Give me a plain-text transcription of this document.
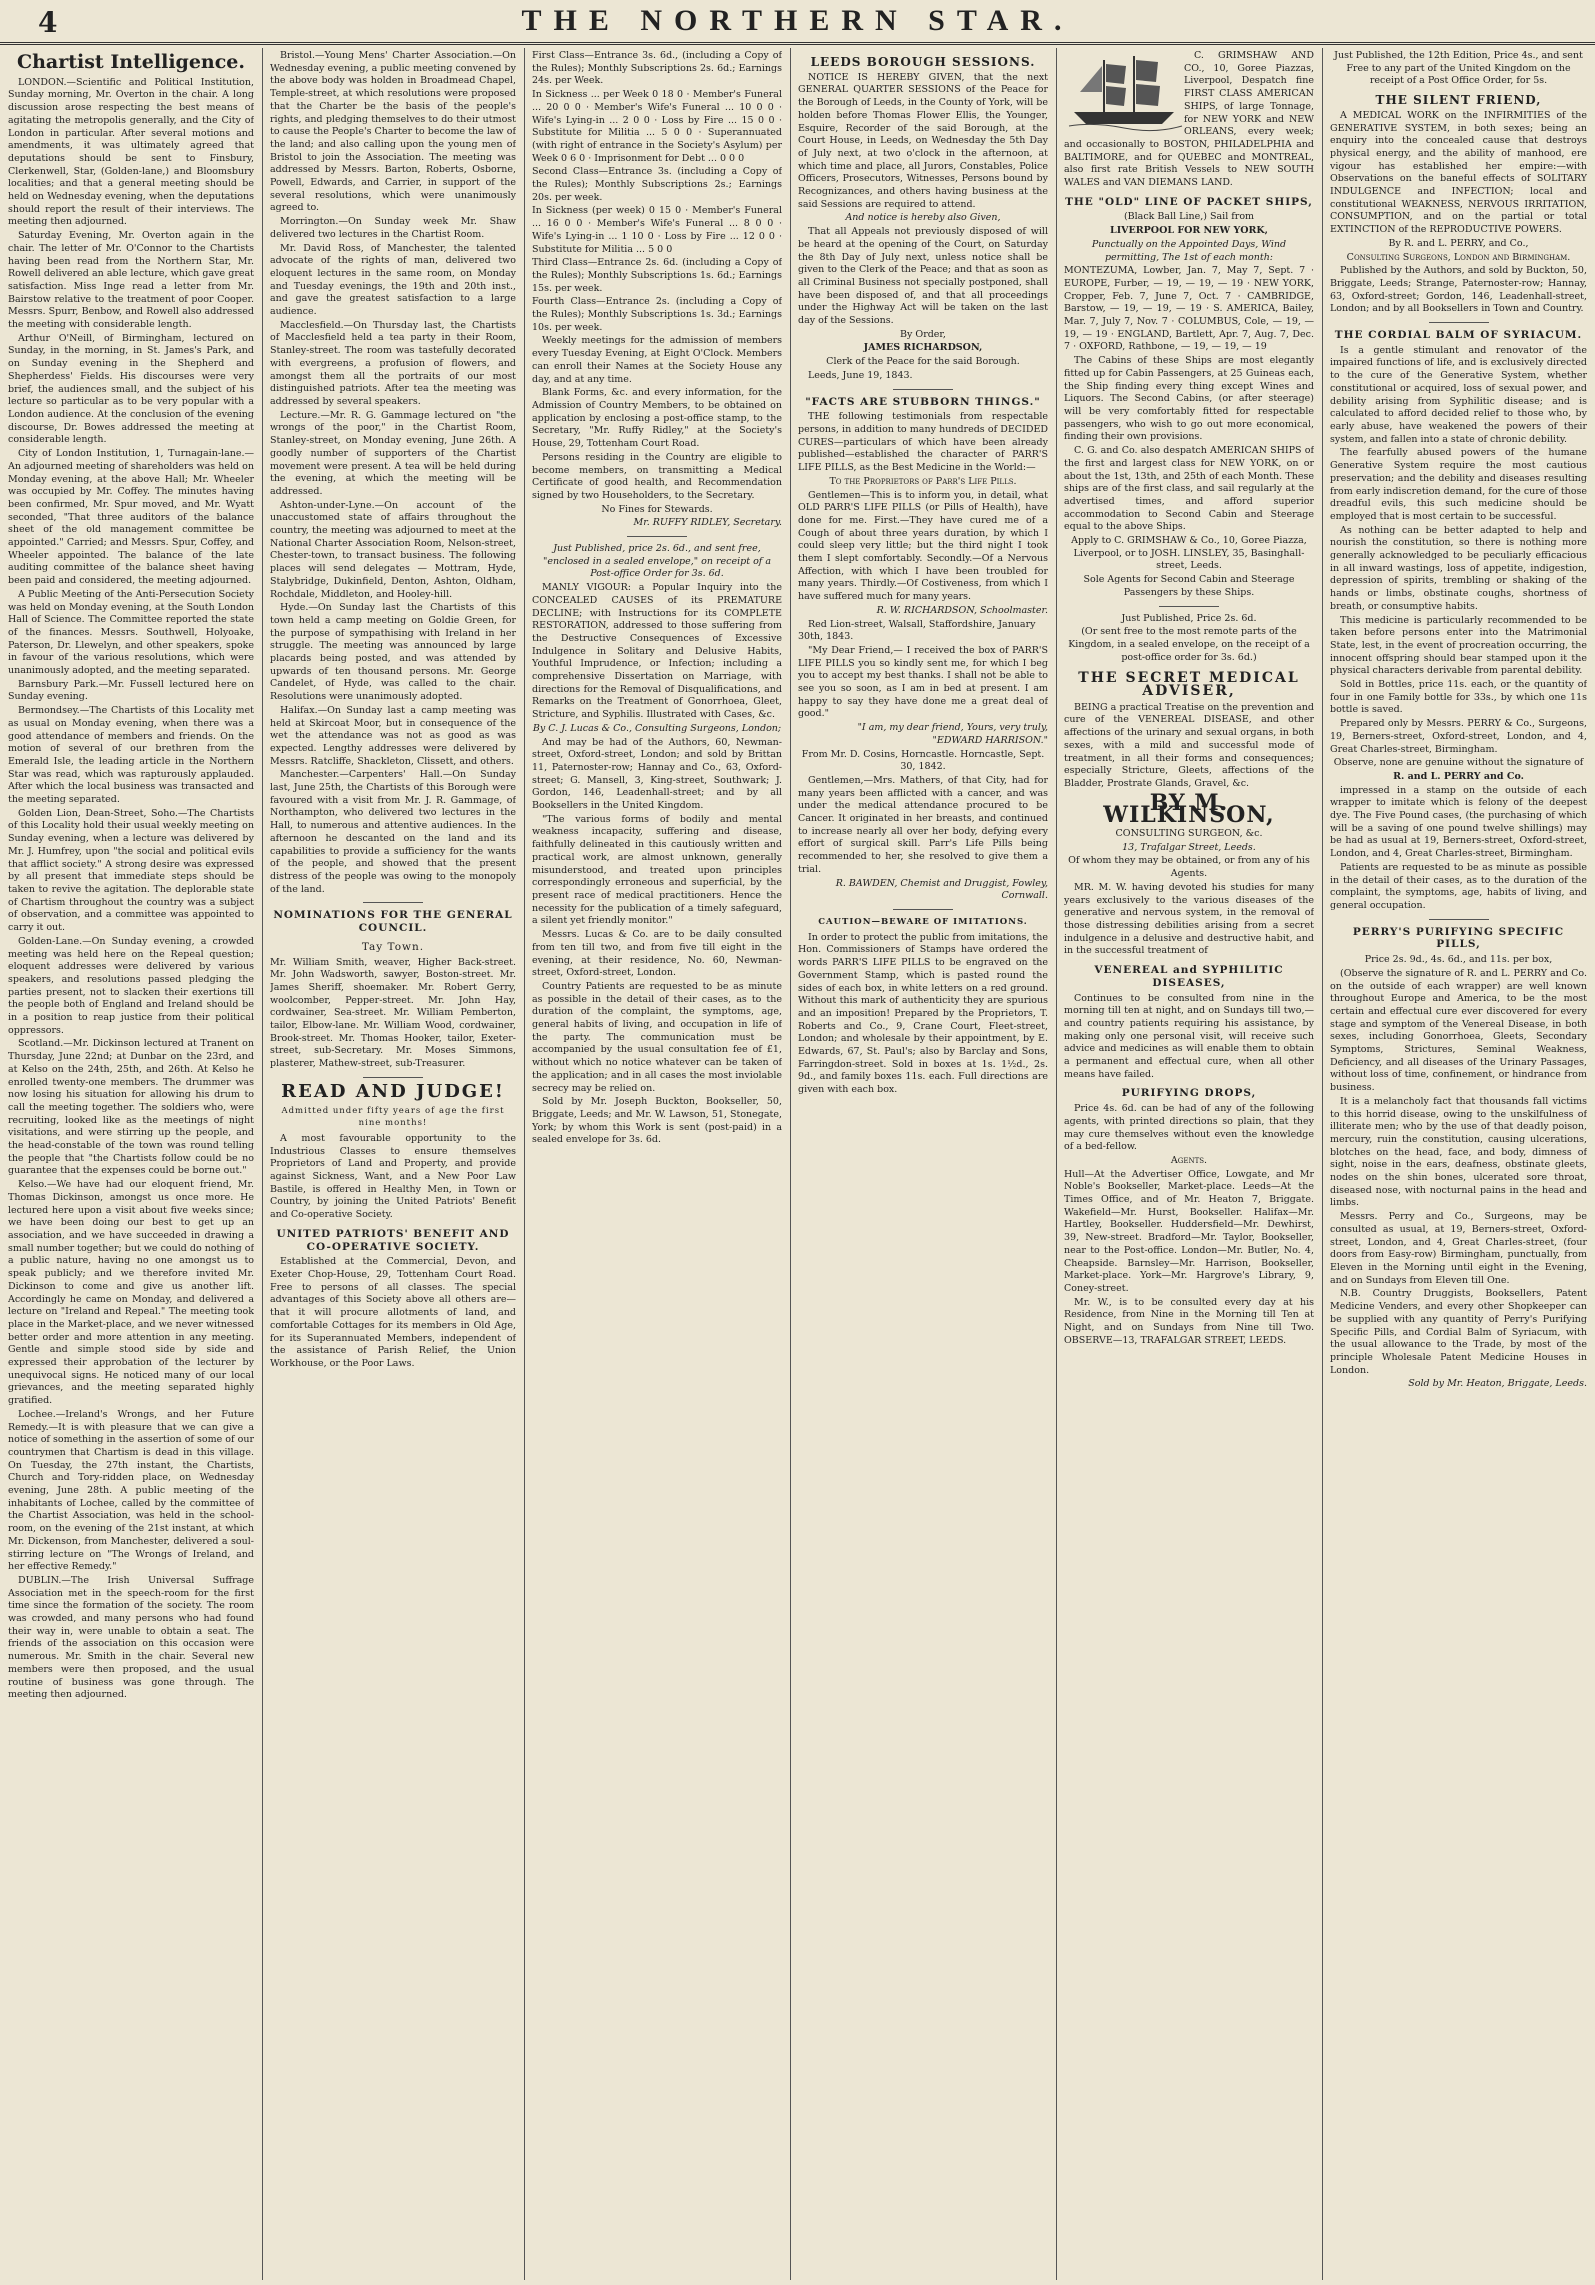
4	THE NORTHERN STAR.
Chartist Intelligence.

LONDON.—Scientific and Political Institution, Sunday morning, Mr. Overton in the chair. A long discussion arose respecting the best means of agitating the metropolis generally, and the City of London in particular. After several motions and amendments, it was ultimately agreed that deputations should be sent to Finsbury, Clerkenwell, Star, (Golden-lane,) and Bloomsbury localities; and that a general meeting should be held on Wednesday evening, when the deputations should report the result of their interviews. The meeting then adjourned.

Saturday Evening, Mr. Overton again in the chair. The letter of Mr. O'Connor to the Chartists having been read from the Northern Star, Mr. Rowell delivered an able lecture, which gave great satisfaction. Miss Inge read a letter from Mr. Bairstow relative to the treatment of poor Cooper. Messrs. Spurr, Benbow, and Rowell also addressed the meeting with considerable length.

Arthur O'Neill, of Birmingham, lectured on Sunday, in the morning, in St. James's Park, and on Sunday evening in the Shepherd and Shepherdess' Fields. His discourses were very brief, the audiences small, and the subject of his lecture so particular as to be very popular with a London audience. At the conclusion of the evening discourse, Dr. Bowes addressed the meeting at considerable length.

City of London Institution, 1, Turnagain-lane.—An adjourned meeting of shareholders was held on Monday evening, at the above Hall; Mr. Wheeler was occupied by Mr. Coffey. The minutes having been confirmed, Mr. Spur moved, and Mr. Wyatt seconded, "That three auditors of the balance sheet of the old management committee be appointed." Carried; and Messrs. Spur, Coffey, and Wheeler appointed. The balance of the late auditing committee of the balance sheet having been paid and considered, the meeting adjourned.

A Public Meeting of the Anti-Persecution Society was held on Monday evening, at the South London Hall of Science. The Committee reported the state of the finances. Messrs. Southwell, Holyoake, Paterson, Dr. Llewelyn, and other speakers, spoke in favour of the various resolutions, which were unanimously adopted, and the meeting separated.

Barnsbury Park.—Mr. Fussell lectured here on Sunday evening.

Bermondsey.—The Chartists of this Locality met as usual on Monday evening, when there was a good attendance of members and friends. On the motion of several of our brethren from the Emerald Isle, the leading article in the Northern Star was read, which was rapturously applauded. After which the local business was transacted and the meeting separated.

Golden Lion, Dean-Street, Soho.—The Chartists of this Locality hold their usual weekly meeting on Sunday evening, when a lecture was delivered by Mr. J. Humfrey, upon "the social and political evils that afflict society." A strong desire was expressed by all present that immediate steps should be taken to revive the agitation. The deplorable state of Chartism throughout the country was a subject of observation, and a committee was appointed to carry it out.

Golden-Lane.—On Sunday evening, a crowded meeting was held here on the Repeal question; eloquent addresses were delivered by various speakers, and resolutions passed pledging the parties present, not to slacken their exertions till the people both of England and Ireland should be in a position to reap justice from their political oppressors.

Scotland.—Mr. Dickinson lectured at Tranent on Thursday, June 22nd; at Dunbar on the 23rd, and at Kelso on the 24th, 25th, and 26th. At Kelso he enrolled twenty-one members. The drummer was now losing his situation for allowing his drum to call the meeting together. The soldiers who, were recruiting, looked like as the meetings of night visitations, and were stirring up the people, and the head-constable of the town was round telling the people that "the Chartists follow could be no guarantee that the expenses could be borne out."

Kelso.—We have had our eloquent friend, Mr. Thomas Dickinson, amongst us once more. He lectured here upon a visit about five weeks since; we have been doing our best to get up an association, and we have succeeded in drawing a small number together; but we could do nothing of a public nature, having no one amongst us to speak publicly; and we therefore invited Mr. Dickinson to come and give us another lift. Accordingly he came on Monday, and delivered a lecture on "Ireland and Repeal." The meeting took place in the Market-place, and we never witnessed better order and more attention in any meeting. Gentle and simple stood side by side and expressed their approbation of the lecturer by unequivocal signs. He noticed many of our local grievances, and the meeting separated highly gratified.

Lochee.—Ireland's Wrongs, and her Future Remedy.—It is with pleasure that we can give a notice of something in the assertion of some of our countrymen that Chartism is dead in this village. On Tuesday, the 27th instant, the Chartists, Church and Tory-ridden place, on Wednesday evening, June 28th. A public meeting of the inhabitants of Lochee, called by the committee of the Chartist Association, was held in the school-room, on the evening of the 21st instant, at which Mr. Dickenson, from Manchester, delivered a soul-stirring lecture on "The Wrongs of Ireland, and her effective Remedy."

DUBLIN.—The Irish Universal Suffrage Association met in the speech-room for the first time since the formation of the society. The room was crowded, and many persons who had found their way in, were unable to obtain a seat. The friends of the association on this occasion were numerous. Mr. Smith in the chair. Several new members were then proposed, and the usual routine of business was gone through. The meeting then adjourned.

Bristol.—Young Mens' Charter Association.—On Wednesday evening, a public meeting convened by the above body was holden in Broadmead Chapel, Temple-street, at which resolutions were proposed that the Charter be the basis of the people's rights, and pledging themselves to do their utmost to cause the People's Charter to become the law of the land; and also calling upon the young men of Bristol to join the Association. The meeting was addressed by Messrs. Barton, Roberts, Osborne, Powell, Edwards, and Carrier, in support of the several resolutions, which were unanimously agreed to.

Morrington.—On Sunday week Mr. Shaw delivered two lectures in the Chartist Room.

Mr. David Ross, of Manchester, the talented advocate of the rights of man, delivered two eloquent lectures in the same room, on Monday and Tuesday evenings, the 19th and 20th inst., and gave the greatest satisfaction to a large audience.

Macclesfield.—On Thursday last, the Chartists of Macclesfield held a tea party in their Room, Stanley-street. The room was tastefully decorated with evergreens, a profusion of flowers, and amongst them all the portraits of our most distinguished patriots. After tea the meeting was addressed by several speakers.

Lecture.—Mr. R. G. Gammage lectured on "the wrongs of the poor," in the Chartist Room, Stanley-street, on Monday evening, June 26th. A goodly number of supporters of the Chartist movement were present. A tea will be held during the evening, at which the meeting will be addressed.

Ashton-under-Lyne.—On account of the unaccustomed state of affairs throughout the country, the meeting was adjourned to meet at the National Charter Association Room, Nelson-street, Chester-town, to transact business. The following places will send delegates — Mottram, Hyde, Stalybridge, Dukinfield, Denton, Ashton, Oldham, Rochdale, Middleton, and Hooley-hill.

Hyde.—On Sunday last the Chartists of this town held a camp meeting on Goldie Green, for the purpose of sympathising with Ireland in her struggle. The meeting was announced by large placards being posted, and was attended by upwards of ten thousand persons. Mr. George Candelet, of Hyde, was called to the chair. Resolutions were unanimously adopted.

Halifax.—On Sunday last a camp meeting was held at Skircoat Moor, but in consequence of the wet the attendance was not as good as was expected. Lengthy addresses were delivered by Messrs. Ratcliffe, Shackleton, Clissett, and others.

Manchester.—Carpenters' Hall.—On Sunday last, June 25th, the Chartists of this Borough were favoured with a visit from Mr. J. R. Gammage, of Northampton, who delivered two lectures in the Hall, to numerous and attentive audiences. In the afternoon he descanted on the land and its capabilities to provide a sufficiency for the wants of the people, and showed that the present distress of the people was owing to the monopoly of the land.

NOMINATIONS FOR THE GENERAL COUNCIL.
Tay Town.

Mr. William Smith, weaver, Higher Back-street. Mr. John Wadsworth, sawyer, Boston-street. Mr. James Sheriff, shoemaker. Mr. Robert Gerry, woolcomber, Pepper-street. Mr. John Hay, cordwainer, Sea-street. Mr. William Pemberton, tailor, Elbow-lane. Mr. William Wood, cordwainer, Brook-street. Mr. Thomas Hooker, tailor, Exeter-street, sub-Secretary. Mr. Moses Simmons, plasterer, Mathew-street, sub-Treasurer.

READ AND JUDGE!
Admitted under fifty years of age the first nine months!

A most favourable opportunity to the Industrious Classes to ensure themselves Proprietors of Land and Property, and provide against Sickness, Want, and a New Poor Law Bastile, is offered in Healthy Men, in Town or Country, by joining the United Patriots' Benefit and Co-operative Society.

UNITED PATRIOTS' BENEFIT AND CO-OPERATIVE SOCIETY.

Established at the Commercial, Devon, and Exeter Chop-House, 29, Tottenham Court Road. Free to persons of all classes. The special advantages of this Society above all others are—that it will procure allotments of land, and comfortable Cottages for its members in Old Age, for its Superannuated Members, independent of the assistance of Parish Relief, the Union Workhouse, or the Poor Laws.

First Class—Entrance 3s. 6d., (including a Copy of the Rules); Monthly Subscriptions 2s. 6d.; Earnings 24s. per Week.

In Sickness ... per Week 0 18 0 · Member's Funeral ... 20 0 0 · Member's Wife's Funeral ... 10 0 0 · Wife's Lying-in ... 2 0 0 · Loss by Fire ... 15 0 0 · Substitute for Militia ... 5 0 0 · Superannuated (with right of entrance in the Society's Asylum) per Week 0 6 0 · Imprisonment for Debt ... 0 0 0

Second Class—Entrance 3s. (including a Copy of the Rules); Monthly Subscriptions 2s.; Earnings 20s. per week.

In Sickness (per week) 0 15 0 · Member's Funeral ... 16 0 0 · Member's Wife's Funeral ... 8 0 0 · Wife's Lying-in ... 1 10 0 · Loss by Fire ... 12 0 0 · Substitute for Militia ... 5 0 0

Third Class—Entrance 2s. 6d. (including a Copy of the Rules); Monthly Subscriptions 1s. 6d.; Earnings 15s. per week.

Fourth Class—Entrance 2s. (including a Copy of the Rules); Monthly Subscriptions 1s. 3d.; Earnings 10s. per week.

Weekly meetings for the admission of members every Tuesday Evening, at Eight O'Clock. Members can enroll their Names at the Society House any day, and at any time.

Blank Forms, &c. and every information, for the Admission of Country Members, to be obtained on application by enclosing a post-office stamp, to the Secretary, "Mr. Ruffy Ridley," at the Society's House, 29, Tottenham Court Road.

Persons residing in the Country are eligible to become members, on transmitting a Medical Certificate of good health, and Recommendation signed by two Householders, to the Secretary.

No Fines for Stewards.

Mr. RUFFY RIDLEY, Secretary.

Just Published, price 2s. 6d., and sent free, "enclosed in a sealed envelope," on receipt of a Post-office Order for 3s. 6d.

MANLY VIGOUR: a Popular Inquiry into the CONCEALED CAUSES of its PREMATURE DECLINE; with Instructions for its COMPLETE RESTORATION, addressed to those suffering from the Destructive Consequences of Excessive Indulgence in Solitary and Delusive Habits, Youthful Imprudence, or Infection; including a comprehensive Dissertation on Marriage, with directions for the Removal of Disqualifications, and Remarks on the Treatment of Gonorrhoea, Gleet, Stricture, and Syphilis. Illustrated with Cases, &c.

By C. J. Lucas & Co., Consulting Surgeons, London;

And may be had of the Authors, 60, Newman-street, Oxford-street, London; and sold by Brittan 11, Paternoster-row; Hannay and Co., 63, Oxford-street; G. Mansell, 3, King-street, Southwark; J. Gordon, 146, Leadenhall-street; and by all Booksellers in the United Kingdom.

"The various forms of bodily and mental weakness incapacity, suffering and disease, faithfully delineated in this cautiously written and practical work, are almost unknown, generally misunderstood, and treated upon principles correspondingly erroneous and superficial, by the present race of medical practitioners. Hence the necessity for the publication of a timely safeguard, a silent yet friendly monitor."

Messrs. Lucas & Co. are to be daily consulted from ten till two, and from five till eight in the evening, at their residence, No. 60, Newman-street, Oxford-street, London.

Country Patients are requested to be as minute as possible in the detail of their cases, as to the duration of the complaint, the symptoms, age, general habits of living, and occupation in life of the party. The communication must be accompanied by the usual consultation fee of £1, without which no notice whatever can be taken of the application; and in all cases the most inviolable secrecy may be relied on.

Sold by Mr. Joseph Buckton, Bookseller, 50, Briggate, Leeds; and Mr. W. Lawson, 51, Stonegate, York; by whom this Work is sent (post-paid) in a sealed envelope for 3s. 6d.

LEEDS BOROUGH SESSIONS.

NOTICE IS HEREBY GIVEN, that the next GENERAL QUARTER SESSIONS of the Peace for the Borough of Leeds, in the County of York, will be holden before Thomas Flower Ellis, the Younger, Esquire, Recorder of the said Borough, at the Court House, in Leeds, on Wednesday the 5th Day of July next, at two o'clock in the afternoon, at which time and place, all Jurors, Constables, Police Officers, Prosecutors, Witnesses, Persons bound by Recognizances, and others having business at the said Sessions are required to attend.

And notice is hereby also Given,

That all Appeals not previously disposed of will be heard at the opening of the Court, on Saturday the 8th Day of July next, unless notice shall be given to the Clerk of the Peace; and that as soon as all Criminal Business not specially postponed, shall have been disposed of, and that all proceedings under the Highway Act will be taken on the last day of the Sessions.

By Order,

JAMES RICHARDSON,

Clerk of the Peace for the said Borough.

Leeds, June 19, 1843.

"FACTS ARE STUBBORN THINGS."

THE following testimonials from respectable persons, in addition to many hundreds of DECIDED CURES—particulars of which have been already published—established the character of PARR'S LIFE PILLS, as the Best Medicine in the World:—

To the Proprietors of Parr's Life Pills.

Gentlemen—This is to inform you, in detail, what OLD PARR'S LIFE PILLS (or Pills of Health), have done for me. First.—They have cured me of a Cough of about three years duration, by which I could sleep very little; but the third night I took them I slept comfortably. Secondly.—Of a Nervous Affection, with which I have been troubled for many years. Thirdly.—Of Costiveness, from which I have suffered much for many years.

R. W. RICHARDSON, Schoolmaster.

Red Lion-street, Walsall, Staffordshire, January 30th, 1843.

"My Dear Friend,— I received the box of PARR'S LIFE PILLS you so kindly sent me, for which I beg you to accept my best thanks. I shall not be able to see you so soon, as I am in bed at present. I am happy to say they have done me a great deal of good."

"I am, my dear friend, Yours, very truly, "EDWARD HARRISON."

From Mr. D. Cosins, Horncastle. Horncastle, Sept. 30, 1842.

Gentlemen,—Mrs. Mathers, of that City, had for many years been afflicted with a cancer, and was under the medical attendance procured to be Cancer. It originated in her breasts, and continued to increase nearly all over her body, defying every effort of surgical skill. Parr's Life Pills being recommended to her, she resolved to give them a trial.

R. BAWDEN, Chemist and Druggist, Fowley, Cornwall.

CAUTION—BEWARE OF IMITATIONS.

In order to protect the public from imitations, the Hon. Commissioners of Stamps have ordered the words PARR'S LIFE PILLS to be engraved on the Government Stamp, which is pasted round the sides of each box, in white letters on a red ground. Without this mark of authenticity they are spurious and an imposition! Prepared by the Proprietors, T. Roberts and Co., 9, Crane Court, Fleet-street, London; and wholesale by their appointment, by E. Edwards, 67, St. Paul's; also by Barclay and Sons, Farringdon-street. Sold in boxes at 1s. 1½d., 2s. 9d., and family boxes 11s. each. Full directions are given with each box.

C. GRIMSHAW AND CO., 10, Goree Piazzas, Liverpool, Despatch fine FIRST CLASS AMERICAN SHIPS, of large Tonnage, for NEW YORK and NEW ORLEANS, every week; and occasionally to BOSTON, PHILADELPHIA and BALTIMORE, and for QUEBEC and MONTREAL, also first rate British Vessels to NEW SOUTH WALES and VAN DIEMANS LAND.

THE "OLD" LINE OF PACKET SHIPS,

(Black Ball Line,) Sail from

LIVERPOOL FOR NEW YORK,

Punctually on the Appointed Days, Wind permitting, The 1st of each month:

MONTEZUMA, Lowber, Jan. 7, May 7, Sept. 7 · EUROPE, Furber, — 19, — 19, — 19 · NEW YORK, Cropper, Feb. 7, June 7, Oct. 7 · CAMBRIDGE, Barstow, — 19, — 19, — 19 · S. AMERICA, Bailey, Mar. 7, July 7, Nov. 7 · COLUMBUS, Cole, — 19, — 19, — 19 · ENGLAND, Bartlett, Apr. 7, Aug. 7, Dec. 7 · OXFORD, Rathbone, — 19, — 19, — 19

The Cabins of these Ships are most elegantly fitted up for Cabin Passengers, at 25 Guineas each, the Ship finding every thing except Wines and Liquors. The Second Cabins, (or after steerage) will be very comfortably fitted for respectable passengers, who wish to go out more economical, finding their own provisions.

C. G. and Co. also despatch AMERICAN SHIPS of the first and largest class for NEW YORK, on or about the 1st, 13th, and 25th of each Month. These ships are of the first class, and sail regularly at the advertised times, and afford superior accommodation to Second Cabin and Steerage equal to the above Ships.

Apply to C. GRIMSHAW & Co., 10, Goree Piazza, Liverpool, or to JOSH. LINSLEY, 35, Basinghall-street, Leeds.

Sole Agents for Second Cabin and Steerage Passengers by these Ships.

Just Published, Price 2s. 6d.

(Or sent free to the most remote parts of the Kingdom, in a sealed envelope, on the receipt of a post-office order for 3s. 6d.)

THE SECRET MEDICAL ADVISER,

BEING a practical Treatise on the prevention and cure of the VENEREAL DISEASE, and other affections of the urinary and sexual organs, in both sexes, with a mild and successful mode of treatment, in all their forms and consequences; especially Stricture, Gleets, affections of the Bladder, Prostrate Glands, Gravel, &c.

BY M. WILKINSON,

CONSULTING SURGEON, &c.

13, Trafalgar Street, Leeds.

Of whom they may be obtained, or from any of his Agents.

MR. M. W. having devoted his studies for many years exclusively to the various diseases of the generative and nervous system, in the removal of those distressing debilities arising from a secret indulgence in a delusive and destructive habit, and in the successful treatment of

VENEREAL and SYPHILITIC DISEASES,

Continues to be consulted from nine in the morning till ten at night, and on Sundays till two,—and country patients requiring his assistance, by making only one personal visit, will receive such advice and medicines as will enable them to obtain a permanent and effectual cure, when all other means have failed.

PURIFYING DROPS,

Price 4s. 6d. can be had of any of the following agents, with printed directions so plain, that they may cure themselves without even the knowledge of a bed-fellow.

Agents.

Hull—At the Advertiser Office, Lowgate, and Mr Noble's Bookseller, Market-place. Leeds—At the Times Office, and of Mr. Heaton 7, Briggate. Wakefield—Mr. Hurst, Bookseller. Halifax—Mr. Hartley, Bookseller. Huddersfield—Mr. Dewhirst, 39, New-street. Bradford—Mr. Taylor, Bookseller, near to the Post-office. London—Mr. Butler, No. 4, Cheapside. Barnsley—Mr. Harrison, Bookseller, Market-place. York—Mr. Hargrove's Library, 9, Coney-street.

Mr. W., is to be consulted every day at his Residence, from Nine in the Morning till Ten at Night, and on Sundays from Nine till Two. OBSERVE—13, TRAFALGAR STREET, LEEDS.

Just Published, the 12th Edition, Price 4s., and sent Free to any part of the United Kingdom on the receipt of a Post Office Order, for 5s.

THE SILENT FRIEND,

A MEDICAL WORK on the INFIRMITIES of the GENERATIVE SYSTEM, in both sexes; being an enquiry into the concealed cause that destroys physical energy, and the ability of manhood, ere vigour has established her empire:—with Observations on the baneful effects of SOLITARY INDULGENCE and INFECTION; local and constitutional WEAKNESS, NERVOUS IRRITATION, CONSUMPTION, and on the partial or total EXTINCTION of the REPRODUCTIVE POWERS.

By R. and L. PERRY, and Co.,

Consulting Surgeons, London and Birmingham.

Published by the Authors, and sold by Buckton, 50, Briggate, Leeds; Strange, Paternoster-row; Hannay, 63, Oxford-street; Gordon, 146, Leadenhall-street, London; and by all Booksellers in Town and Country.

THE CORDIAL BALM OF SYRIACUM.

Is a gentle stimulant and renovator of the impaired functions of life, and is exclusively directed to the cure of the Generative System, whether constitutional or acquired, loss of sexual power, and debility arising from Syphilitic disease; and is calculated to afford decided relief to those who, by early abuse, have weakened the powers of their system, and fallen into a state of chronic debility.

The fearfully abused powers of the humane Generative System require the most cautious preservation; and the debility and diseases resulting from early indiscretion demand, for the cure of those dreadful evils, this such medicine should be employed that is most certain to be successful.

As nothing can be better adapted to help and nourish the constitution, so there is nothing more generally acknowledged to be peculiarly efficacious in all inward wastings, loss of appetite, indigestion, depression of spirits, trembling or shaking of the hands or limbs, obstinate coughs, shortness of breath, or consumptive habits.

This medicine is particularly recommended to be taken before persons enter into the Matrimonial State, lest, in the event of procreation occurring, the innocent offspring should bear stamped upon it the physical characters derivable from parental debility.

Sold in Bottles, price 11s. each, or the quantity of four in one Family bottle for 33s., by which one 11s bottle is saved.

Prepared only by Messrs. PERRY & Co., Surgeons, 19, Berners-street, Oxford-street, London, and 4, Great Charles-street, Birmingham.

Observe, none are genuine without the signature of

R. and L. PERRY and Co.

impressed in a stamp on the outside of each wrapper to imitate which is felony of the deepest dye. The Five Pound cases, (the purchasing of which will be a saving of one pound twelve shillings) may be had as usual at 19, Berners-street, Oxford-street, London, and 4, Great Charles-street, Birmingham.

Patients are requested to be as minute as possible in the detail of their cases, as to the duration of the complaint, the symptoms, age, habits of living, and general occupation.

PERRY'S PURIFYING SPECIFIC PILLS,

Price 2s. 9d., 4s. 6d., and 11s. per box,

(Observe the signature of R. and L. PERRY and Co. on the outside of each wrapper) are well known throughout Europe and America, to be the most certain and effectual cure ever discovered for every stage and symptom of the Venereal Disease, in both sexes, including Gonorrhoea, Gleets, Secondary Symptoms, Strictures, Seminal Weakness, Deficiency, and all diseases of the Urinary Passages, without loss of time, confinement, or hindrance from business.

It is a melancholy fact that thousands fall victims to this horrid disease, owing to the unskilfulness of illiterate men; who by the use of that deadly poison, mercury, ruin the constitution, causing ulcerations, blotches on the head, face, and body, dimness of sight, noise in the ears, deafness, obstinate gleets, nodes on the shin bones, ulcerated sore throat, diseased nose, with nocturnal pains in the head and limbs.

Messrs. Perry and Co., Surgeons, may be consulted as usual, at 19, Berners-street, Oxford-street, London, and 4, Great Charles-street, (four doors from Easy-row) Birmingham, punctually, from Eleven in the Morning until eight in the Evening, and on Sundays from Eleven till One.

N.B. Country Druggists, Booksellers, Patent Medicine Venders, and every other Shopkeeper can be supplied with any quantity of Perry's Purifying Specific Pills, and Cordial Balm of Syriacum, with the usual allowance to the Trade, by most of the principle Wholesale Patent Medicine Houses in London.

Sold by Mr. Heaton, Briggate, Leeds.
